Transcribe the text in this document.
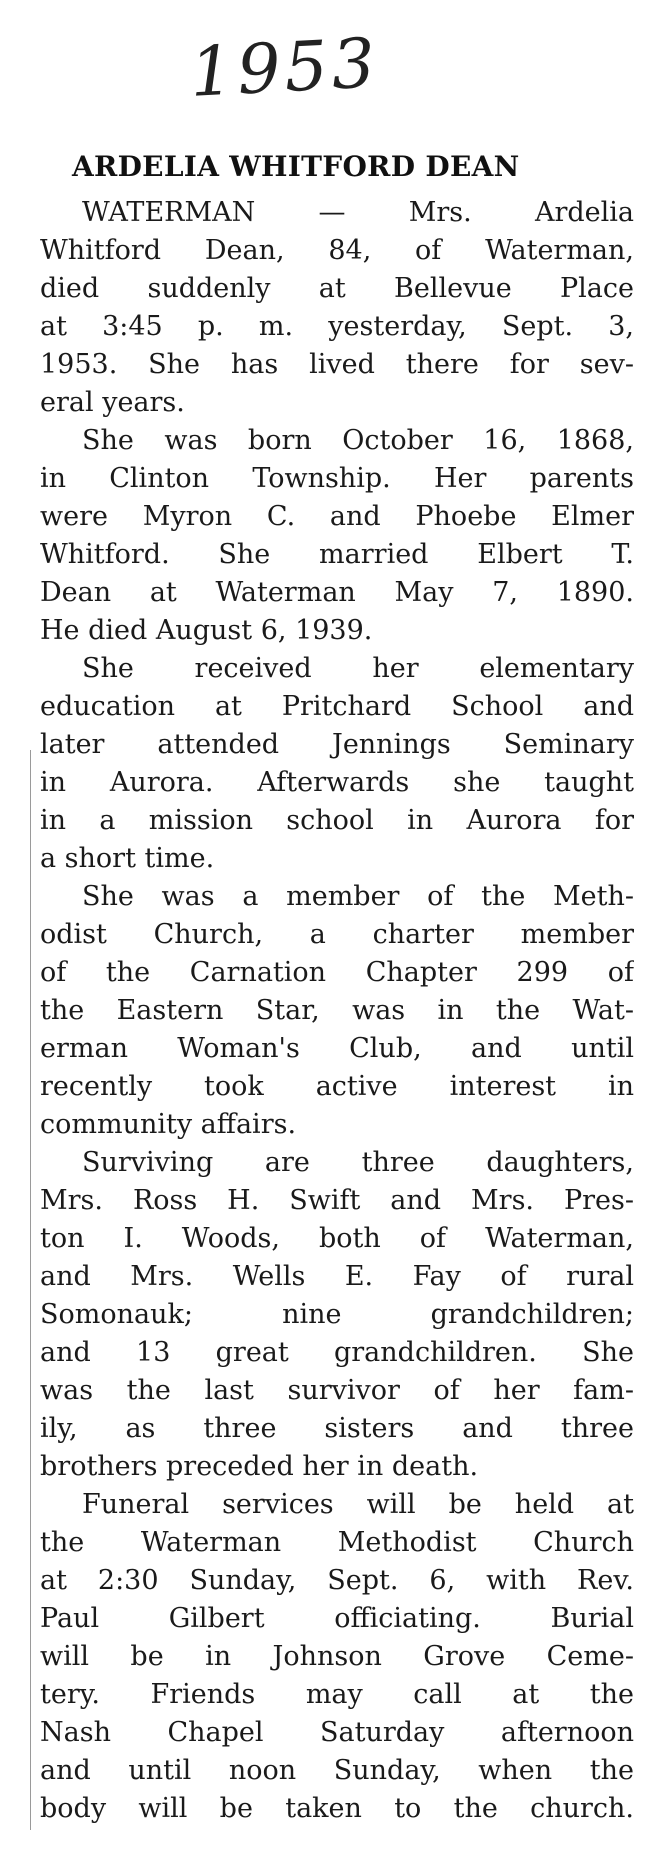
1953
ARDELIA WHITFORD DEAN
WATERMAN — Mrs. Ardelia
Whitford Dean, 84, of Waterman,
died suddenly at Bellevue Place
at 3:45 p. m. yesterday, Sept. 3,
1953. She has lived there for sev-
eral years.
She was born October 16, 1868,
in Clinton Township. Her parents
were Myron C. and Phoebe Elmer
Whitford. She married Elbert T.
Dean at Waterman May 7, 1890.
He died August 6, 1939.
She received her elementary
education at Pritchard School and
later attended Jennings Seminary
in Aurora. Afterwards she taught
in a mission school in Aurora for
a short time.
She was a member of the Meth-
odist Church, a charter member
of the Carnation Chapter 299 of
the Eastern Star, was in the Wat-
erman Woman's Club, and until
recently took active interest in
community affairs.
Surviving are three daughters,
Mrs. Ross H. Swift and Mrs. Pres-
ton I. Woods, both of Waterman,
and Mrs. Wells E. Fay of rural
Somonauk; nine grandchildren;
and 13 great grandchildren. She
was the last survivor of her fam-
ily, as three sisters and three
brothers preceded her in death.
Funeral services will be held at
the Waterman Methodist Church
at 2:30 Sunday, Sept. 6, with Rev.
Paul Gilbert officiating. Burial
will be in Johnson Grove Ceme-
tery. Friends may call at the
Nash Chapel Saturday afternoon
and until noon Sunday, when the
body will be taken to the church.
